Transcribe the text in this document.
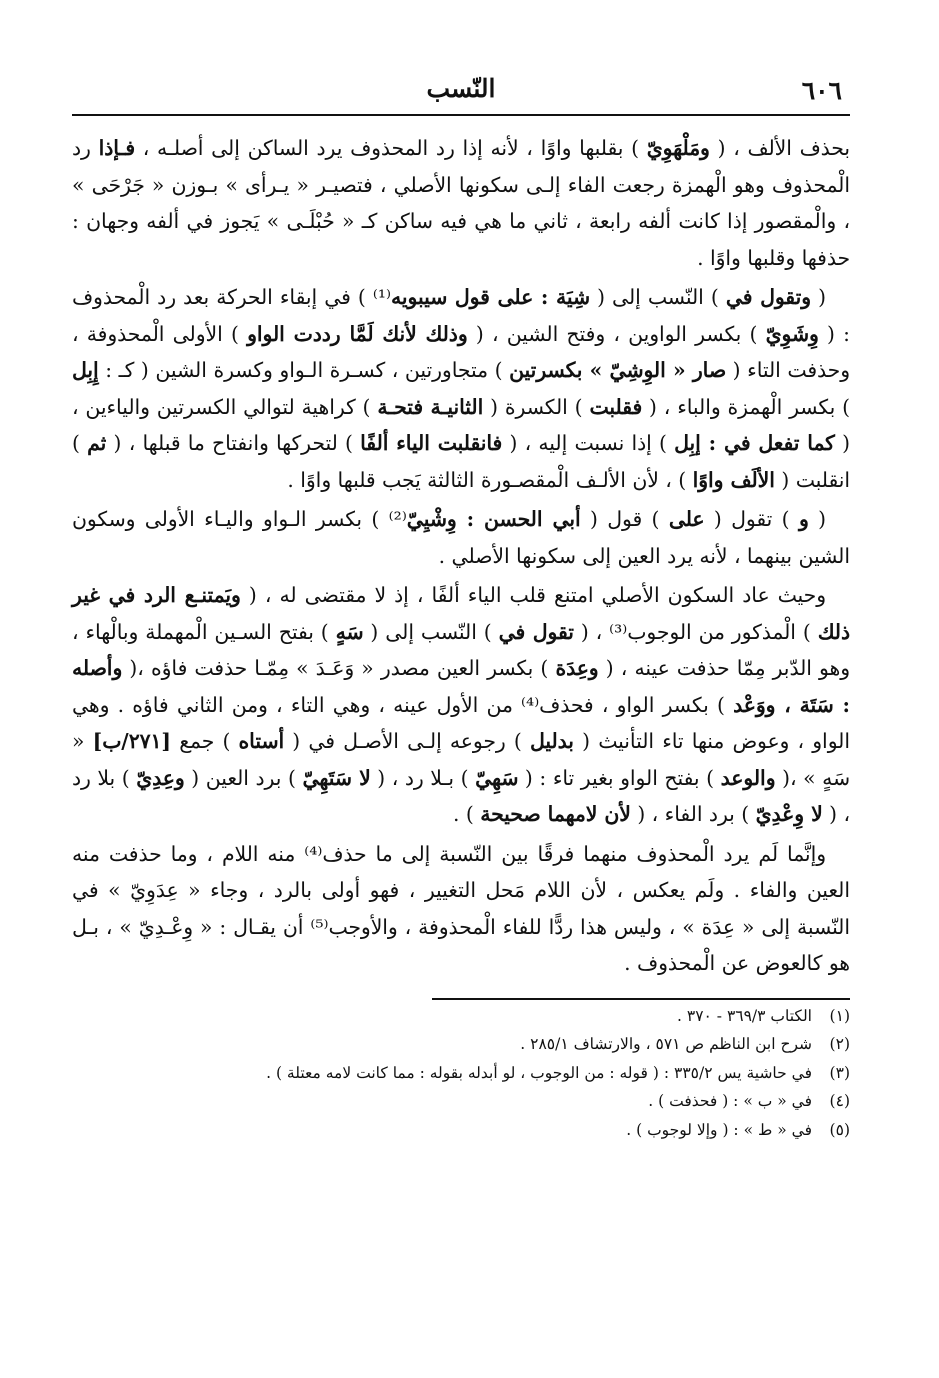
٦٠٦
النّسب

بحذف الألف ، ( ومَلْهَوِيّ ) بقلبها واوًا ، لأنه إذا رد المحذوف يرد الساكن إلى أصلـه ، فـإذا رد الْمحذوف وهو الْهمزة رجعت الفاء إلـى سكونها الأصلي ، فتصيـر « يـرأى » بـوزن « جَرْحَى » ، والْمقصور إذا كانت ألفه رابعة ، ثاني ما هي فيه ساكن كـ « حُبْلَـى » يَجوز في ألفه وجهان : حذفها وقلبها واوًا .

( وتقول في ) النّسب إلى ( شِيَة : على قول سيبويه⁽¹⁾ ) في إبقاء الحركة بعد رد الْمحذوف : ( وِشَوِيّ ) بكسر الواوين ، وفتح الشين ، ( وذلك لأنك لَمَّا رددت الواو ) الأولى الْمحذوفة ، وحذفت التاء ( صار « الوِشِيّ » بكسرتين ) متجاورتين ، كسـرة الـواو وكسرة الشين ( كـ : إِبِل ) بكسر الْهمزة والباء ، ( فقلبت ) الكسرة ( الثانيـة فتحـة ) كراهية لتوالي الكسرتين والياءين ، ( كما تفعل في : إبِل ) إذا نسبت إليه ، ( فانقلبت الياء ألفًا ) لتحركها وانفتاح ما قبلها ، ( ثم ) انقلبت ( الألَف واوًا ) ، لأن الألـف الْمقصـورة الثالثة يَجب قلبها واوًا .

( و ) تقول ( على ) قول ( أبي الحسن : وِشْيِيّ⁽²⁾ ) بكسر الـواو واليـاء الأولى وسكون الشين بينهما ، لأنه يرد العين إلى سكونها الأصلي .

وحيث عاد السكون الأصلي امتنع قلب الياء ألفًا ، إذ لا مقتضى له ، ( ويَمتنـع الرد في غير ذلك ) الْمذكور من الوجوب⁽³⁾ ، ( تقول في ) النّسب إلى ( سَهٍ ) بفتح السـين الْمهملة وبالْهاء ، وهو الدّبر مِمّا حذفت عينه ، ( وعِدَة ) بكسر العين مصدر « وَعَـدَ » مِمّـا حذفت فاؤه ،( وأصله : سَتَة ، ووَعْد ) بكسر الواو ، فحذف⁽⁴⁾ من الأول عينه ، وهي التاء ، ومن الثاني فاؤه . وهي الواو ، وعوض منها تاء التأنيث ( بدليل ) رجوعه إلـى الأصـل في ( أستاه ) جمع [٢٧١/ب] « سَهٍ » ،( والوعد ) بفتح الواو بغير تاء : ( سَهِيّ ) بـلا رد ، ( لا سَتَهِيّ ) برد العين ( وعِدِيّ ) بلا رد ، ( لا وِعْدِيّ ) برد الفاء ، ( لأن لامهما صحيحة ) .

وإنَّما لَم يرد الْمحذوف منهما فرقًا بين النّسبة إلى ما حذف⁽⁴⁾ منه اللام ، وما حذفت منه العين والفاء . ولَم يعكس ، لأن اللام مَحل التغيير ، فهو أولى بالرد ، وجاء « عِدَوِيّ » في النّسبة إلى « عِدَة » ، وليس هذا ردًّا للفاء الْمحذوفة ، والأوجب⁽⁵⁾ أن يقـال : « وِعْـدِيّ » ، بـل هو كالعوض عن الْمحذوف .

(١)
الكتاب ٣٦٩/٣ - ٣٧٠ .
(٢)
شرح ابن الناظم ص ٥٧١ ، والارتشاف ٢٨٥/١ .
(٣)
في حاشية يس ٣٣٥/٢ : ( قوله : من الوجوب ، لو أبدله بقوله : مما كانت لامه معتلة ) .
(٤)
في « ب » : ( فحذفت ) .
(٥)
في « ط » : ( وإلا لوجوب ) .
